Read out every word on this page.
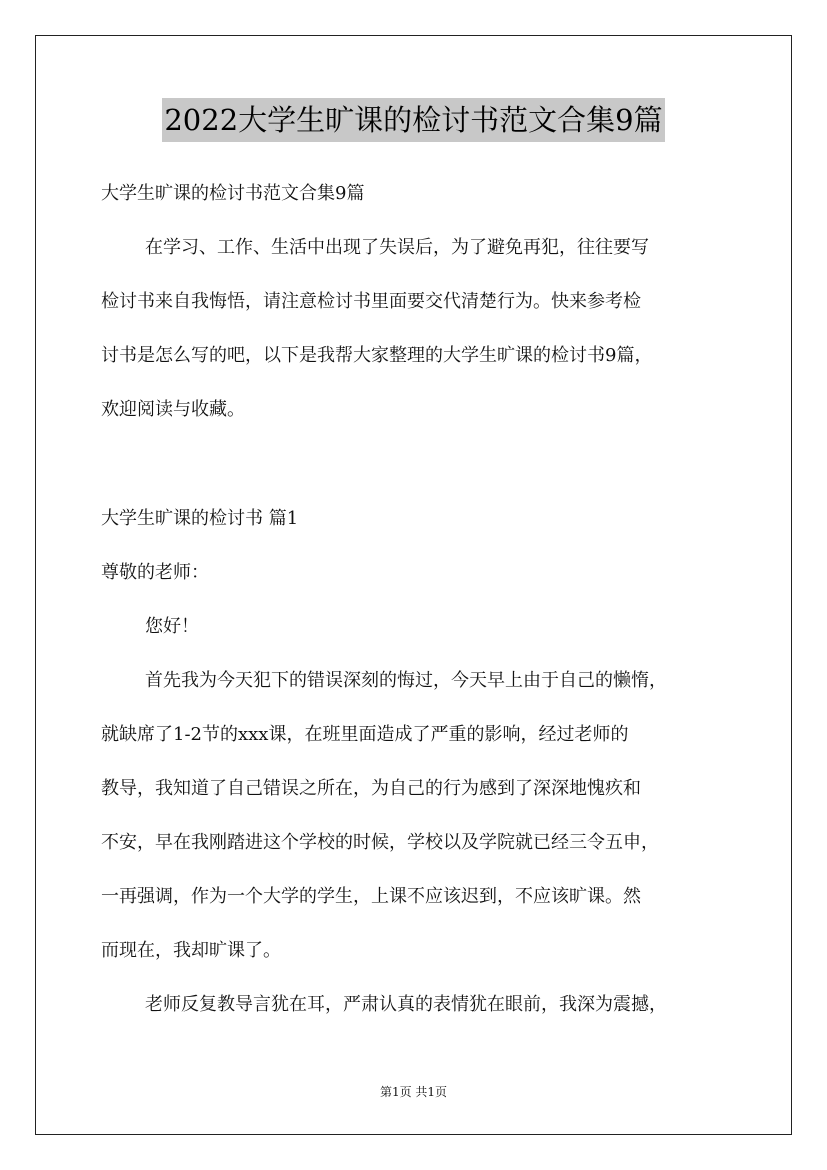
2022大学生旷课的检讨书范文合集9篇
大学生旷课的检讨书范文合集9篇
在学习、工作、生活中出现了失误后，为了避免再犯，往往要写
检讨书来自我悔悟，请注意检讨书里面要交代清楚行为。快来参考检
讨书是怎么写的吧，以下是我帮大家整理的大学生旷课的检讨书9篇，
欢迎阅读与收藏。
大学生旷课的检讨书 篇1
尊敬的老师：
您好！
首先我为今天犯下的错误深刻的悔过，今天早上由于自己的懒惰，
就缺席了1-2节的xxx课，在班里面造成了严重的影响，经过老师的
教导，我知道了自己错误之所在，为自己的行为感到了深深地愧疚和
不安，早在我刚踏进这个学校的时候，学校以及学院就已经三令五申，
一再强调，作为一个大学的学生，上课不应该迟到，不应该旷课。然
而现在，我却旷课了。
老师反复教导言犹在耳，严肃认真的表情犹在眼前，我深为震撼，
第1页 共1页
